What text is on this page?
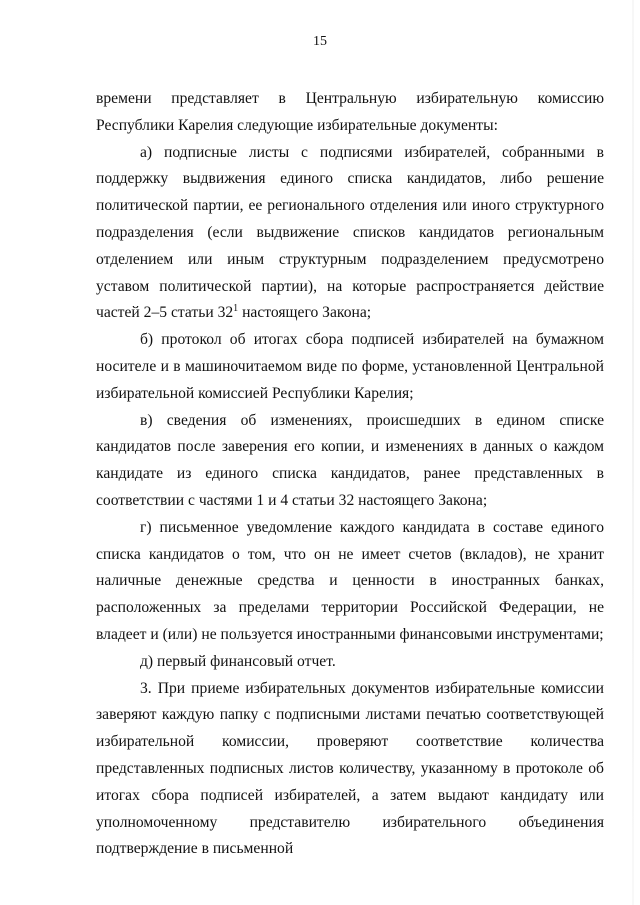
15

времени представляет в Центральную избирательную комиссию Республики Карелия следующие избирательные документы:

а) подписные листы с подписями избирателей, собранными в поддержку выдвижения единого списка кандидатов, либо решение политической партии, ее регионального отделения или иного структурного подразделения (если выдвижение списков кандидатов региональным отделением или иным структурным подразделением предусмотрено уставом политической партии), на которые распространяется действие частей 2–5 статьи $32^1$ настоящего Закона;

б) протокол об итогах сбора подписей избирателей на бумажном носителе и в машиночитаемом виде по форме, установленной Центральной избирательной комиссией Республики Карелия;

в) сведения об изменениях, происшедших в едином списке кандидатов после заверения его копии, и изменениях в данных о каждом кандидате из единого списка кандидатов, ранее представленных в соответствии с частями 1 и 4 статьи 32 настоящего Закона;

г) письменное уведомление каждого кандидата в составе единого списка кандидатов о том, что он не имеет счетов (вкладов), не хранит наличные денежные средства и ценности в иностранных банках, расположенных за пределами территории Российской Федерации, не владеет и (или) не пользуется иностранными финансовыми инструментами;

д) первый финансовый отчет.

3. При приеме избирательных документов избирательные комиссии заверяют каждую папку с подписными листами печатью соответствующей избирательной комиссии, проверяют соответствие количества представленных подписных листов количеству, указанному в протоколе об итогах сбора подписей избирателей, а затем выдают кандидату или уполномоченному представителю избирательного объединения подтверждение в письменной
